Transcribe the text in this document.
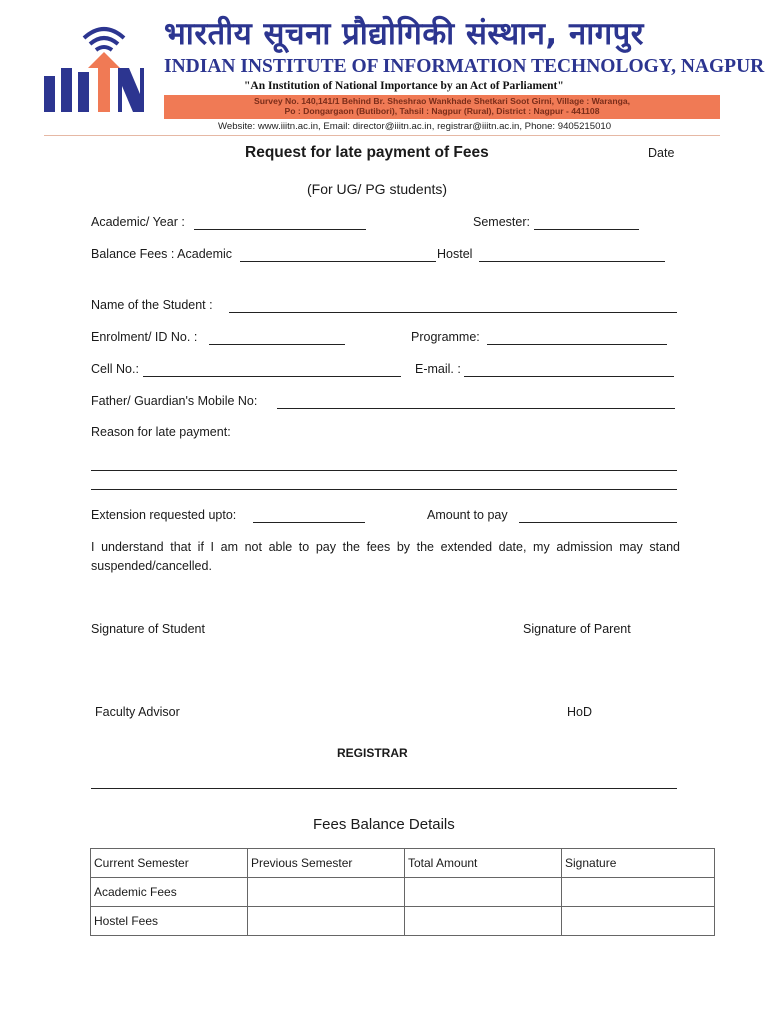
भारतीय सूचना प्रौद्योगिकी संस्थान, नागपुर
INDIAN INSTITUTE OF INFORMATION TECHNOLOGY, NAGPUR
"An Institution of National Importance by an Act of Parliament"
Survey No. 140,141/1 Behind Br. Sheshrao Wankhade Shetkari Soot Girni, Village : Waranga,
Po : Dongargaon (Butibori), Tahsil : Nagpur (Rural), District : Nagpur - 441108
Website: www.iiitn.ac.in, Email: director@iiitn.ac.in, registrar@iiitn.ac.in, Phone: 9405215010
Request for late payment of Fees	Date
(For UG/ PG students)
Academic/ Year :	Semester:
Balance Fees : Academic	Hostel
Name of the Student :
Enrolment/ ID No. :	Programme:
Cell No.:	E-mail. :
Father/ Guardian's Mobile No:
Reason for late payment:
Extension requested upto:	Amount to pay
I understand that if I am not able to pay the fees by the extended date, my admission may stand suspended/cancelled.
Signature of Student	Signature of Parent
Faculty Advisor	HoD
REGISTRAR
Fees Balance Details
Current Semester	Previous Semester	Total Amount	Signature
Academic Fees			
Hostel Fees			
